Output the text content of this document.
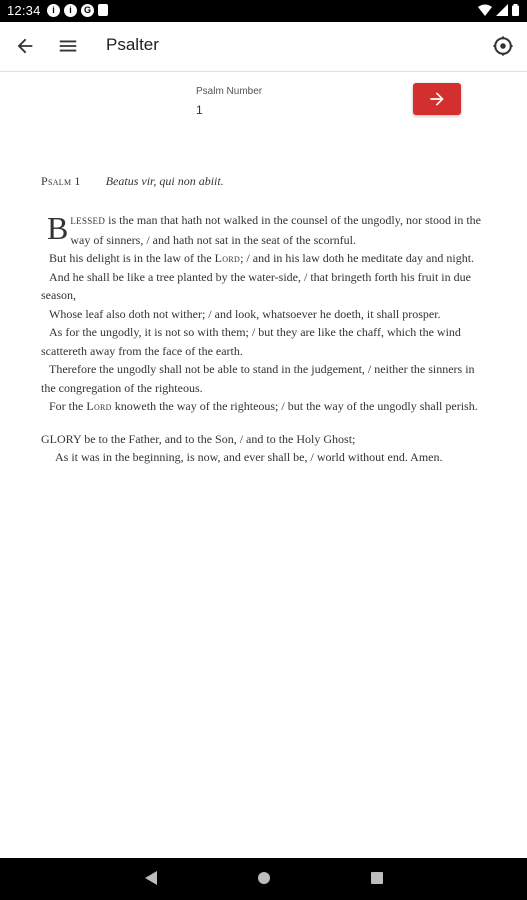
12:34	i	i	G
Psalter
Psalm Number
1
Psalm 1 Beatus vir, qui non abiit.
BLESSED is the man that hath not walked in the counsel of the ungodly, nor stood in the way of sinners, / and hath not sat in the seat of the scornful.
But his delight is in the law of the Lord; / and in his law doth he meditate day and night.
And he shall be like a tree planted by the water-side, / that bringeth forth his fruit in due season,
Whose leaf also doth not wither; / and look, whatsoever he doeth, it shall prosper.
As for the ungodly, it is not so with them; / but they are like the chaff, which the wind scattereth away from the face of the earth.
Therefore the ungodly shall not be able to stand in the judgement, / neither the sinners in the congregation of the righteous.
For the Lord knoweth the way of the righteous; / but the way of the ungodly shall perish.
GLORY be to the Father, and to the Son, / and to the Holy Ghost;
As it was in the beginning, is now, and ever shall be, / world without end. Amen.
